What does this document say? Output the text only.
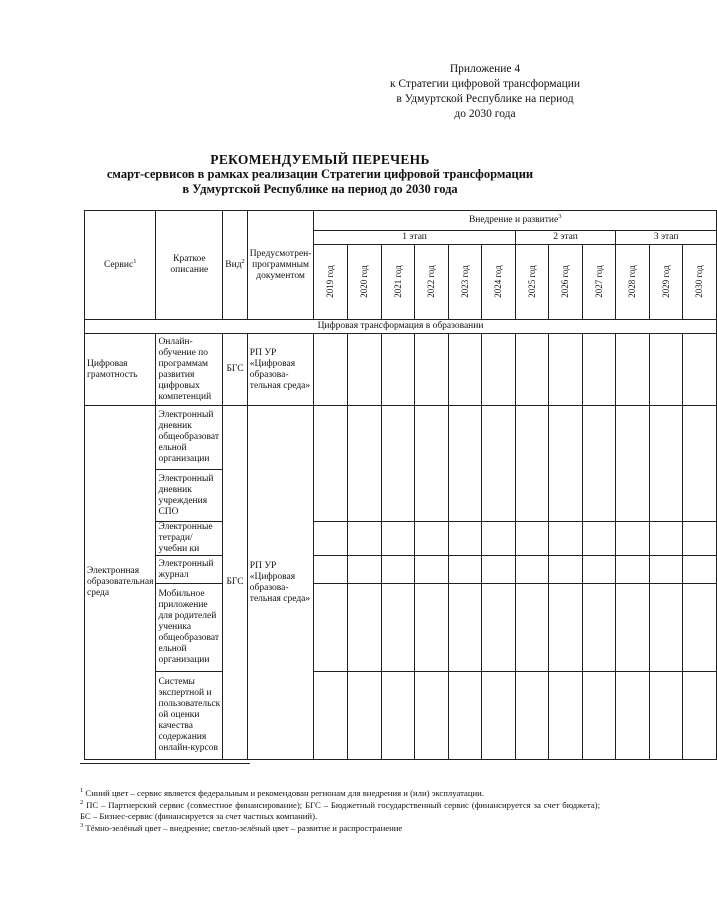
Приложение 4
к Стратегии цифровой трансформации
в Удмуртской Республике на период
до 2030 года
РЕКОМЕНДУЕМЫЙ ПЕРЕЧЕНЬ
смарт-сервисов в рамках реализации Стратегии цифровой трансформации
в Удмуртской Республике на период до 2030 года
Сервис$^1$	Краткое описание	Вид$^2$	Предусмотрен-программным документом	Внедрение и развитие$^3$
				1 этап						2 этап			3 этап		
				2019 год	2020 год	2021 год	2022 год	2023 год	2024 год	2025 год	2026 год	2027 год	2028 год	2029 год	2030 год
Цифровая трансформация в образовании															
Цифровая грамотность	Онлайн-обучение по программам развития цифровых компетенций	БГС	РП УР «Цифровая образова-тельная среда»												
Электронная образовательная среда	Электронный дневник общеобразоват ельной организации	БГС	РП УР «Цифровая образова-тельная среда»												
	Электронный дневник учреждения СПО														
	Электронные тетради/учебни ки														
	Электронный журнал														
	Мобильное приложение для родителей ученика общеобразоват ельной организации														
	Системы экспертной и пользовательск ой оценки качества содержания онлайн-курсов														

$^1$ Синий цвет – сервис является федеральным и рекомендован регионам для внедрения и (или) эксплуатации.

$^2$ ПС – Партнерский сервис (совместное финансирование); БГС – Бюджетный государственный сервис (финансируется за счет бюджета); БС – Бизнес-сервис (финансируется за счет частных компаний).

$^3$ Тёмно-зелёный цвет – внедрение; светло-зелёный цвет – развитие и распространение
